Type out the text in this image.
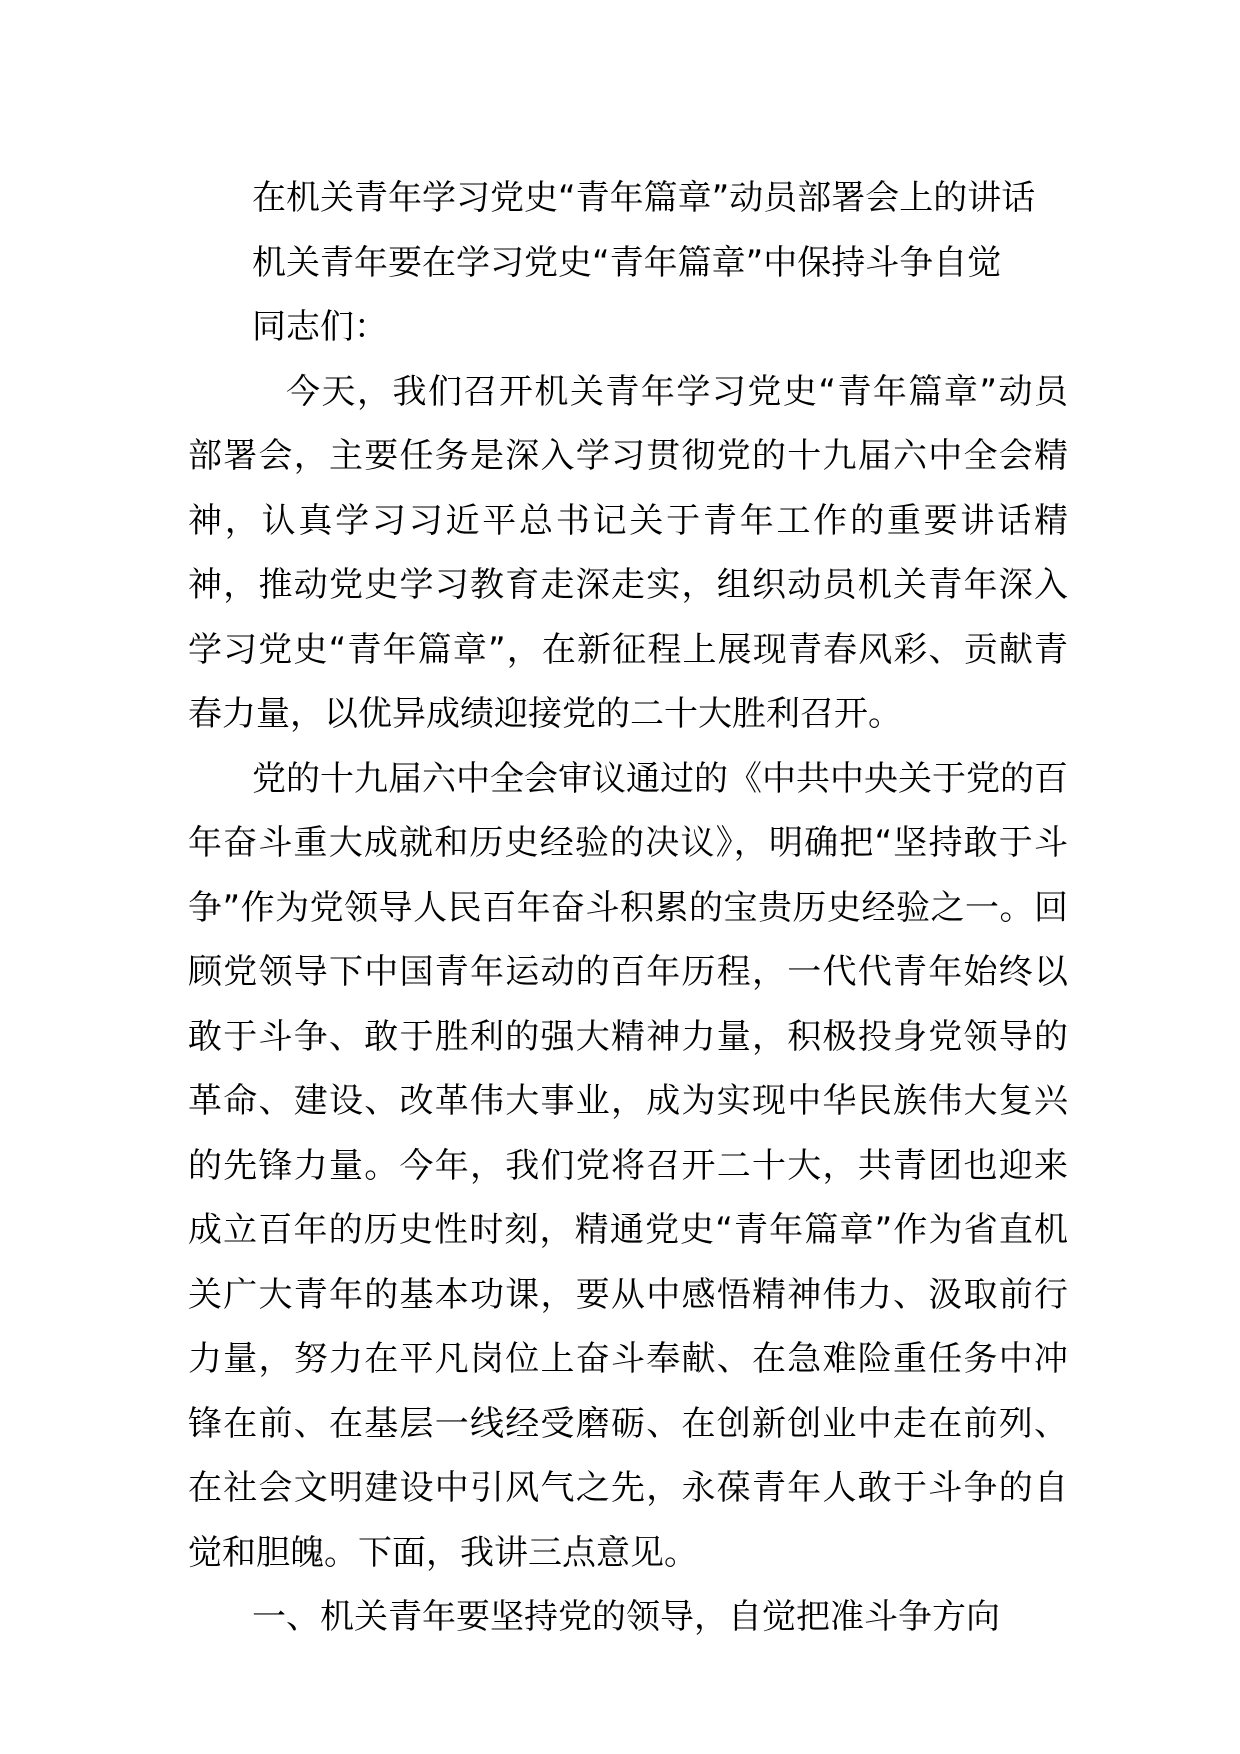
在机关青年学习党史“青年篇章”动员部署会上的讲话

机关青年要在学习党史“青年篇章”中保持斗争自觉

同志们：

今天，我们召开机关青年学习党史“青年篇章”动员部署会，主要任务是深入学习贯彻党的十九届六中全会精神，认真学习习近平总书记关于青年工作的重要讲话精神，推动党史学习教育走深走实，组织动员机关青年深入学习党史“青年篇章”，在新征程上展现青春风彩、贡献青春力量，以优异成绩迎接党的二十大胜利召开。

党的十九届六中全会审议通过的《中共中央关于党的百年奋斗重大成就和历史经验的决议》，明确把“坚持敢于斗争”作为党领导人民百年奋斗积累的宝贵历史经验之一。回顾党领导下中国青年运动的百年历程，一代代青年始终以敢于斗争、敢于胜利的强大精神力量，积极投身党领导的革命、建设、改革伟大事业，成为实现中华民族伟大复兴的先锋力量。今年，我们党将召开二十大，共青团也迎来成立百年的历史性时刻，精通党史“青年篇章”作为省直机关广大青年的基本功课，要从中感悟精神伟力、汲取前行力量，努力在平凡岗位上奋斗奉献、在急难险重任务中冲锋在前、在基层一线经受磨砺、在创新创业中走在前列、在社会文明建设中引风气之先，永葆青年人敢于斗争的自觉和胆魄。下面，我讲三点意见。

一、机关青年要坚持党的领导，自觉把准斗争方向
